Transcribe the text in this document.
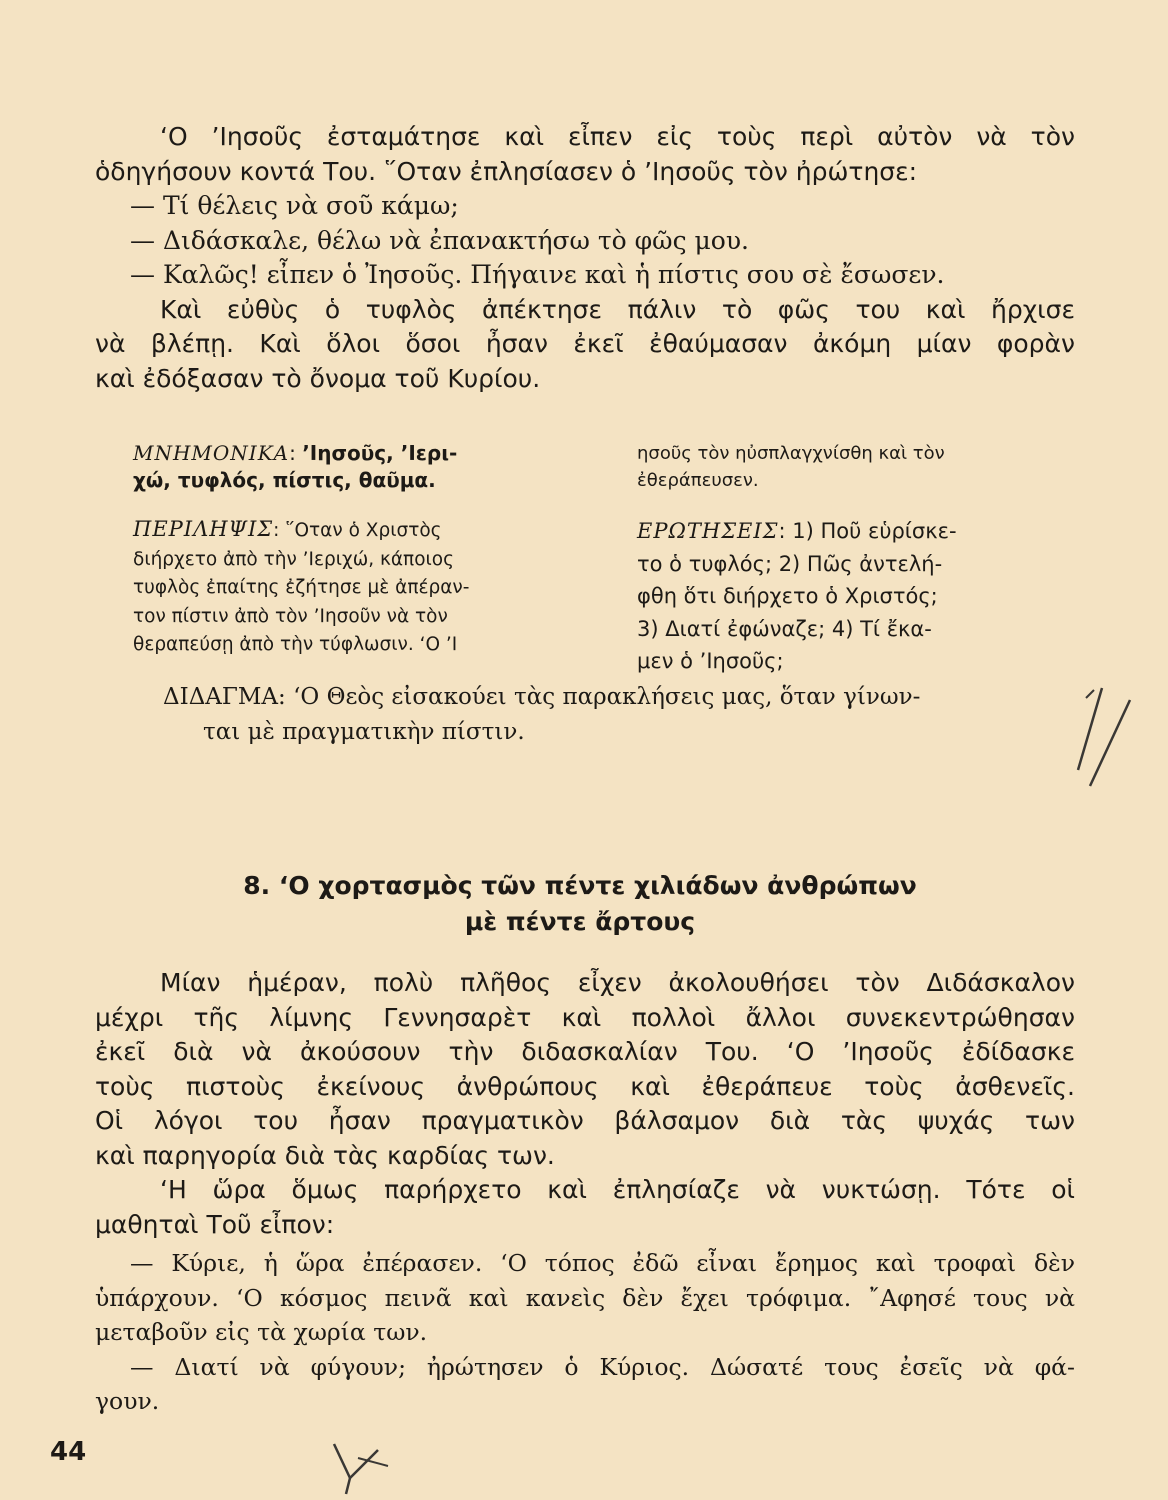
‘Ο ’Ιησοῦς ἐσταμάτησε καὶ εἶπεν εἰς τοὺς περὶ αὐτὸν νὰ τὸν
ὁδηγήσουν κοντά Του. ῞Οταν ἐπλησίασεν ὁ ’Ιησοῦς τὸν ἠρώτησε:
— Τί θέλεις νὰ σοῦ κάμω;
— Διδάσκαλε, θέλω νὰ ἐπανακτήσω τὸ φῶς μου.
— Καλῶς! εἶπεν ὁ Ἰησοῦς. Πήγαινε καὶ ἡ πίστις σου σὲ ἔσωσεν.
Καὶ εὐθὺς ὁ τυφλὸς ἀπέκτησε πάλιν τὸ φῶς του καὶ ἤρχισε
νὰ βλέπῃ. Καὶ ὅλοι ὅσοι ἦσαν ἐκεῖ ἐθαύμασαν ἀκόμη μίαν φορὰν
καὶ ἐδόξασαν τὸ ὄνομα τοῦ Κυρίου.
ΜΝΗΜΟΝΙΚΑ: ’Ιησοῦς, ’Ιερι-
χώ, τυφλός, πίστις, θαῦμα.
ησοῦς τὸν ηὐσπλαγχνίσθη καὶ τὸν
ἐθεράπευσεν.
ΠΕΡΙΛΗΨΙΣ: ῞Οταν ὁ Χριστὸς
διήρχετο ἀπὸ τὴν ’Ιεριχώ, κάποιος
τυφλὸς ἐπαίτης ἐζήτησε μὲ ἀπέραν-
τον πίστιν ἀπὸ τὸν ’Ιησοῦν νὰ τὸν
θεραπεύσῃ ἀπὸ τὴν τύφλωσιν. ‘Ο ’Ι
ΕΡΩΤΗΣΕΙΣ: 1) Ποῦ εὑρίσκε-
το ὁ τυφλός; 2) Πῶς ἀντελή-
φθη ὅτι διήρχετο ὁ Χριστός;
3) Διατί ἐφώναζε; 4) Τί ἔκα-
μεν ὁ ’Ιησοῦς;
ΔΙΔΑΓΜΑ: ‘Ο Θεὸς εἰσακούει τὰς παρακλήσεις μας, ὅταν γίνων-
ται μὲ πραγματικὴν πίστιν.
8. ‘Ο χορτασμὸς τῶν πέντε χιλιάδων ἀνθρώπων
μὲ πέντε ἄρτους
Μίαν ἡμέραν, πολὺ πλῆθος εἶχεν ἀκολουθήσει τὸν Διδάσκαλον
μέχρι τῆς λίμνης Γεννησαρὲτ καὶ πολλοὶ ἄλλοι συνεκεντρώθησαν
ἐκεῖ διὰ νὰ ἀκούσουν τὴν διδασκαλίαν Του. ‘Ο ’Ιησοῦς ἐδίδασκε
τοὺς πιστοὺς ἐκείνους ἀνθρώπους καὶ ἐθεράπευε τοὺς ἀσθενεῖς.
Οἱ λόγοι του ἦσαν πραγματικὸν βάλσαμον διὰ τὰς ψυχάς των
καὶ παρηγορία διὰ τὰς καρδίας των.
‘Η ὥρα ὅμως παρήρχετο καὶ ἐπλησίαζε νὰ νυκτώσῃ. Τότε οἱ
μαθηταὶ Τοῦ εἶπον:
— Κύριε, ἡ ὥρα ἐπέρασεν. ‘Ο τόπος ἐδῶ εἶναι ἔρημος καὶ τροφαὶ δὲν
ὑπάρχουν. ‘Ο κόσμος πεινᾶ καὶ κανεὶς δὲν ἔχει τρόφιμα. ῎Αφησέ τους νὰ
μεταβοῦν εἰς τὰ χωρία των.
— Διατί νὰ φύγουν; ἠρώτησεν ὁ Κύριος. Δώσατέ τους ἐσεῖς νὰ φά-
γουν.
44
